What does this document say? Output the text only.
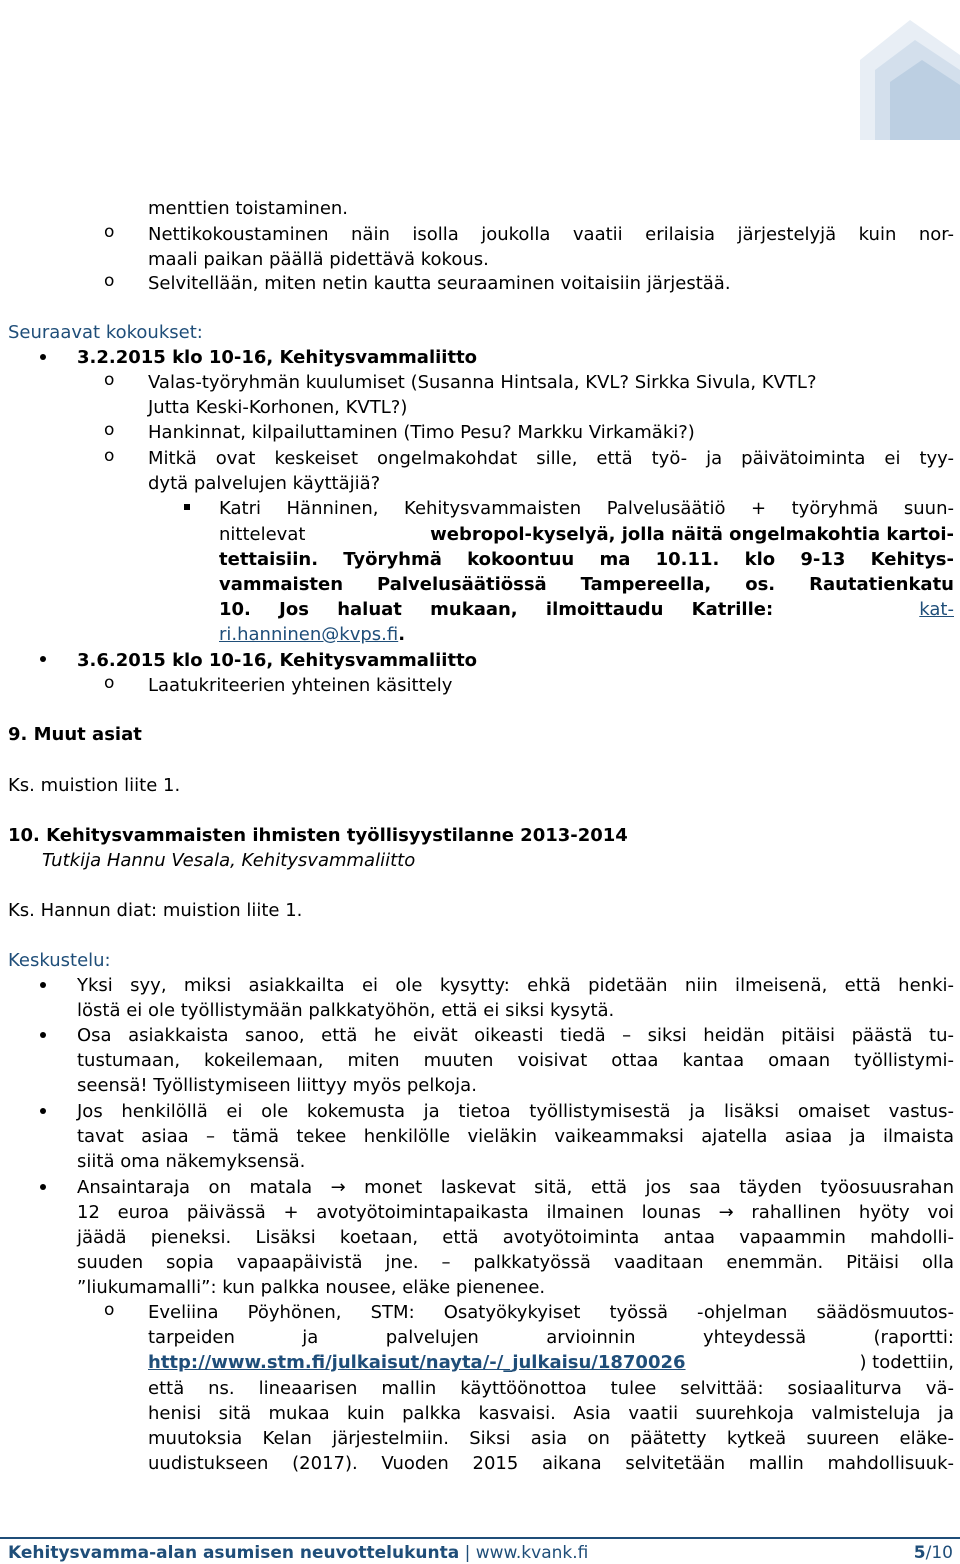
menttien toistaminen.
o Nettikokoustaminen näin isolla joukolla vaatii erilaisia järjestelyjä kuin nor-
maali paikan päällä pidettävä kokous.
o Selvitellään, miten netin kautta seuraaminen voitaisiin järjestää.
Seuraavat kokoukset:
3.2.2015 klo 10-16, Kehitysvammaliitto
o Valas-työryhmän kuulumiset (Susanna Hintsala, KVL? Sirkka Sivula, KVTL?
Jutta Keski-Korhonen, KVTL?)
o Hankinnat, kilpailuttaminen (Timo Pesu? Markku Virkamäki?)
o Mitkä ovat keskeiset ongelmakohdat sille, että työ- ja päivätoiminta ei tyy-
dytä palvelujen käyttäjiä?
Katri Hänninen, Kehitysvammaisten Palvelusäätiö + työryhmä suun-
nittelevat	webropol-kyselyä, jolla näitä ongelmakohtia kartoi-
tettaisiin. Työryhmä kokoontuu ma 10.11. klo 9-13 Kehitys-
vammaisten Palvelusäätiössä Tampereella, os. Rautatienkatu
10. Jos haluat mukaan, ilmoittaudu Katrille:	kat-
ri.hanninen@kvps.fi.
3.6.2015 klo 10-16, Kehitysvammaliitto
o Laatukriteerien yhteinen käsittely
9. Muut asiat
Ks. muistion liite 1.
10. Kehitysvammaisten ihmisten työllisyystilanne 2013-2014
Tutkija Hannu Vesala, Kehitysvammaliitto
Ks. Hannun diat: muistion liite 1.
Keskustelu:
Yksi syy, miksi asiakkailta ei ole kysytty: ehkä pidetään niin ilmeisenä, että henki-
löstä ei ole työllistymään palkkatyöhön, että ei siksi kysytä.
Osa asiakkaista sanoo, että he eivät oikeasti tiedä – siksi heidän pitäisi päästä tu-
tustumaan, kokeilemaan, miten muuten voisivat ottaa kantaa omaan työllistymi-
seensä! Työllistymiseen liittyy myös pelkoja.
Jos henkilöllä ei ole kokemusta ja tietoa työllistymisestä ja lisäksi omaiset vastus-
tavat asiaa – tämä tekee henkilölle vieläkin vaikeammaksi ajatella asiaa ja ilmaista
siitä oma näkemyksensä.
Ansaintaraja on matala → monet laskevat sitä, että jos saa täyden työosuusrahan
12 euroa päivässä + avotyötoimintapaikasta ilmainen lounas → rahallinen hyöty voi
jäädä pieneksi. Lisäksi koetaan, että avotyötoiminta antaa vapaammin mahdolli-
suuden sopia vapaapäivistä jne. – palkkatyössä vaaditaan enemmän. Pitäisi olla
”liukumamalli”: kun palkka nousee, eläke pienenee.
o Eveliina Pöyhönen, STM: Osatyökykyiset työssä -ohjelman säädösmuutos-
tarpeiden ja palvelujen arvioinnin yhteydessä (raportti:
http://www.stm.fi/julkaisut/nayta/-/_julkaisu/1870026	) todettiin,
että ns. lineaarisen mallin käyttöönottoa tulee selvittää: sosiaaliturva vä-
henisi sitä mukaa kuin palkka kasvaisi. Asia vaatii suurehkoja valmisteluja ja
muutoksia Kelan järjestelmiin. Siksi asia on päätetty kytkeä suureen eläke-
uudistukseen (2017). Vuoden 2015 aikana selvitetään mallin mahdollisuuk-
Kehitysvamma-alan asumisen neuvottelukunta | www.kvank.fi	5/10
